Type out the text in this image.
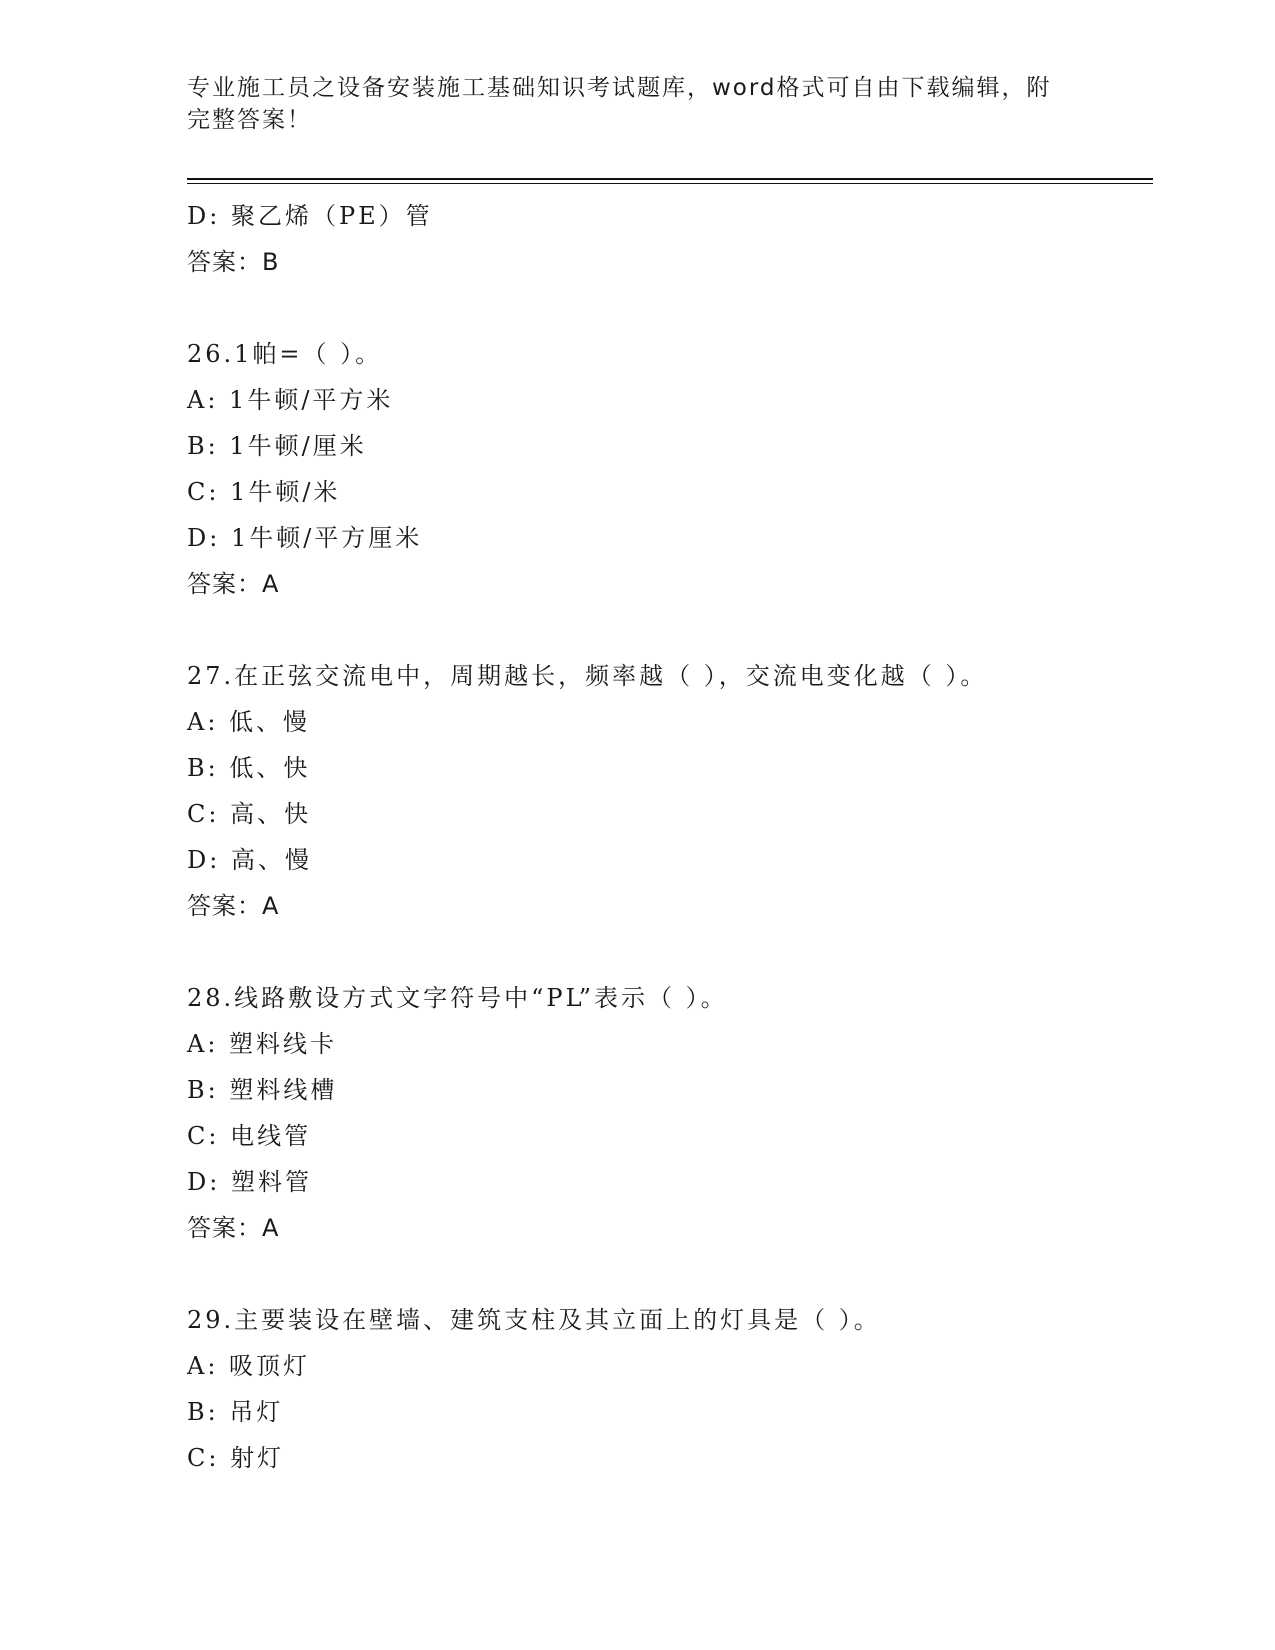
专业施工员之设备安装施工基础知识考试题库，word格式可自由下载编辑，附完整答案！
D: 聚乙烯（PE）管
答案：B
26.1帕=（ ）。
A: 1牛顿/平方米
B: 1牛顿/厘米
C: 1牛顿/米
D: 1牛顿/平方厘米
答案：A
27.在正弦交流电中，周期越长，频率越（ ），交流电变化越（ ）。
A: 低、慢
B: 低、快
C: 高、快
D: 高、慢
答案：A
28.线路敷设方式文字符号中“PL”表示（ ）。
A: 塑料线卡
B: 塑料线槽
C: 电线管
D: 塑料管
答案：A
29.主要装设在壁墙、建筑支柱及其立面上的灯具是（ ）。
A: 吸顶灯
B: 吊灯
C: 射灯
